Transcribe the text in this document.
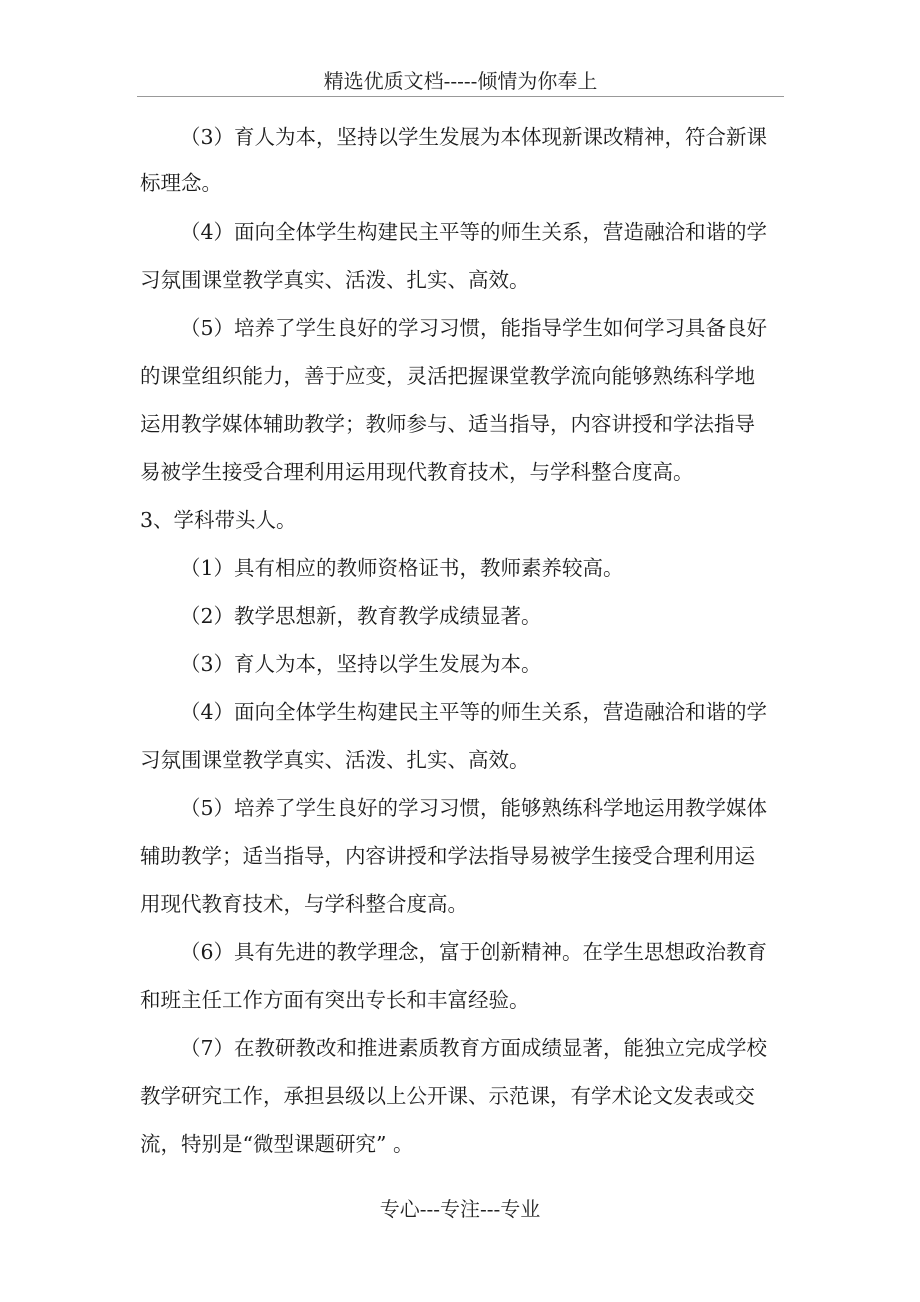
精选优质文档-----倾情为你奉上
（3）育人为本，坚持以学生发展为本体现新课改精神，符合新课
标理念。
（4）面向全体学生构建民主平等的师生关系，营造融洽和谐的学
习氛围课堂教学真实、活泼、扎实、高效。
（5）培养了学生良好的学习习惯，能指导学生如何学习具备良好
的课堂组织能力，善于应变，灵活把握课堂教学流向能够熟练科学地
运用教学媒体辅助教学；教师参与、适当指导，内容讲授和学法指导
易被学生接受合理利用运用现代教育技术，与学科整合度高。
3、学科带头人。
（1）具有相应的教师资格证书，教师素养较高。
（2）教学思想新，教育教学成绩显著。
（3）育人为本，坚持以学生发展为本。
（4）面向全体学生构建民主平等的师生关系，营造融洽和谐的学
习氛围课堂教学真实、活泼、扎实、高效。
（5）培养了学生良好的学习习惯，能够熟练科学地运用教学媒体
辅助教学；适当指导，内容讲授和学法指导易被学生接受合理利用运
用现代教育技术，与学科整合度高。
（6）具有先进的教学理念，富于创新精神。在学生思想政治教育
和班主任工作方面有突出专长和丰富经验。
（7）在教研教改和推进素质教育方面成绩显著，能独立完成学校
教学研究工作，承担县级以上公开课、示范课，有学术论文发表或交
流，特别是“微型课题研究” 。
专心---专注---专业
